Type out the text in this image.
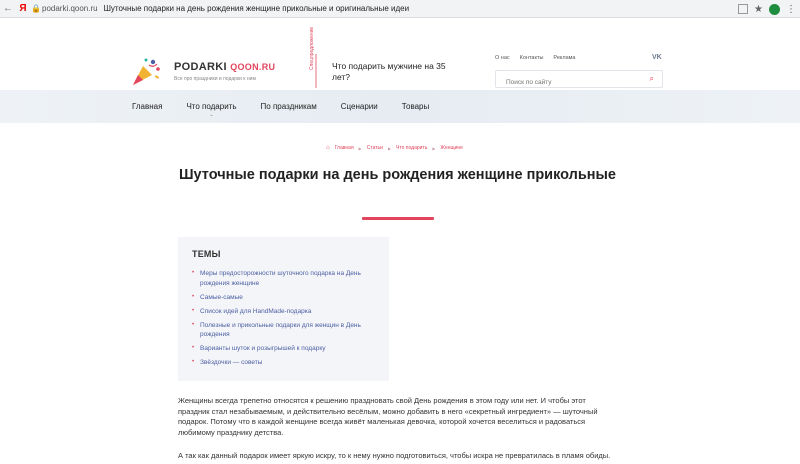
← Я 🔒 podarki.qoon.ru Шуточные подарки на день рождения женщине прикольные и оригинальные идеи	★ ⋮
PODARKI QOON.RU
Все про праздники и подарки к ним
Спецпредложение Что подарить мужчине на 35 лет?
О нас Контакты Реклама	VK
Поиск по сайту
⌕
Главная	Что подарить
⌄
По праздникам	Сценарии	Товары
⌂ Главная ▶ Статьи ▶ Что подарить ▶ Женщине
Шуточные подарки на день рождения женщине прикольные
ТЕМЫ
• Меры предосторожности шуточного подарка на День рождения женщине
• Самые-самые
• Список идей для HandMade-подарка
• Полезные и прикольные подарки для женщин в День рождения
• Варианты шуток и розыгрышей к подарку
• Звёздочки — советы

Женщины всегда трепетно относятся к решению праздновать свой День рождения в этом году или нет. И чтобы этот праздник стал незабываемым, и действительно весёлым, можно добавить в него «секретный ингредиент» — шуточный подарок. Потому что в каждой женщине всегда живёт маленькая девочка, которой хочется веселиться и радоваться любимому празднику детства.

А так как данный подарок имеет яркую искру, то к нему нужно подготовиться, чтобы искра не превратилась в пламя обиды.
